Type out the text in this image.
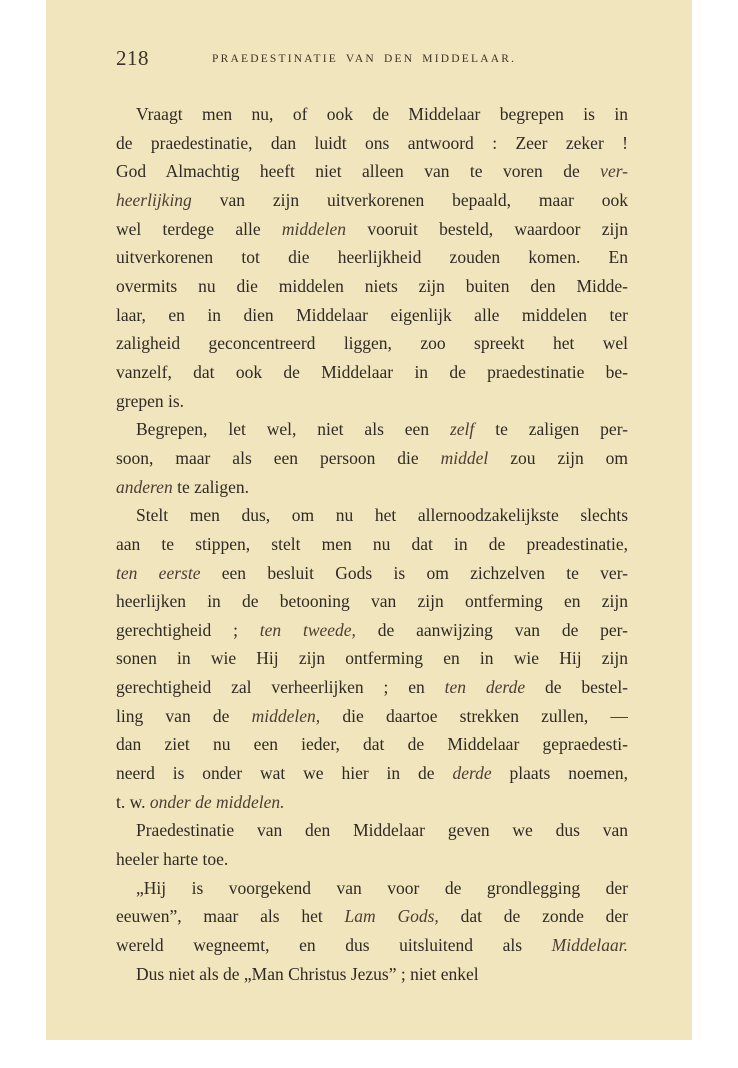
218	PRAEDESTINATIE VAN DEN MIDDELAAR.
Vraagt men nu, of ook de Middelaar begrepen is in
de praedestinatie, dan luidt ons antwoord : Zeer zeker !
God Almachtig heeft niet alleen van te voren de ver-
heerlijking van zijn uitverkorenen bepaald, maar ook
wel terdege alle middelen vooruit besteld, waardoor zijn
uitverkorenen tot die heerlijkheid zouden komen. En
overmits nu die middelen niets zijn buiten den Midde-
laar, en in dien Middelaar eigenlijk alle middelen ter
zaligheid geconcentreerd liggen, zoo spreekt het wel
vanzelf, dat ook de Middelaar in de praedestinatie be-
grepen is.
Begrepen, let wel, niet als een zelf te zaligen per-
soon, maar als een persoon die middel zou zijn om
anderen te zaligen.
Stelt men dus, om nu het allernoodzakelijkste slechts
aan te stippen, stelt men nu dat in de preadestinatie,
ten eerste een besluit Gods is om zichzelven te ver-
heerlijken in de betooning van zijn ontferming en zijn
gerechtigheid ; ten tweede, de aanwijzing van de per-
sonen in wie Hij zijn ontferming en in wie Hij zijn
gerechtigheid zal verheerlijken ; en ten derde de bestel-
ling van de middelen, die daartoe strekken zullen, —
dan ziet nu een ieder, dat de Middelaar gepraedesti-
neerd is onder wat we hier in de derde plaats noemen,
t. w. onder de middelen.
Praedestinatie van den Middelaar geven we dus van
heeler harte toe.
„Hij is voorgekend van voor de grondlegging der
eeuwen”, maar als het Lam Gods, dat de zonde der
wereld wegneemt, en dus uitsluitend als Middelaar.
Dus niet als de „Man Christus Jezus” ; niet enkel
